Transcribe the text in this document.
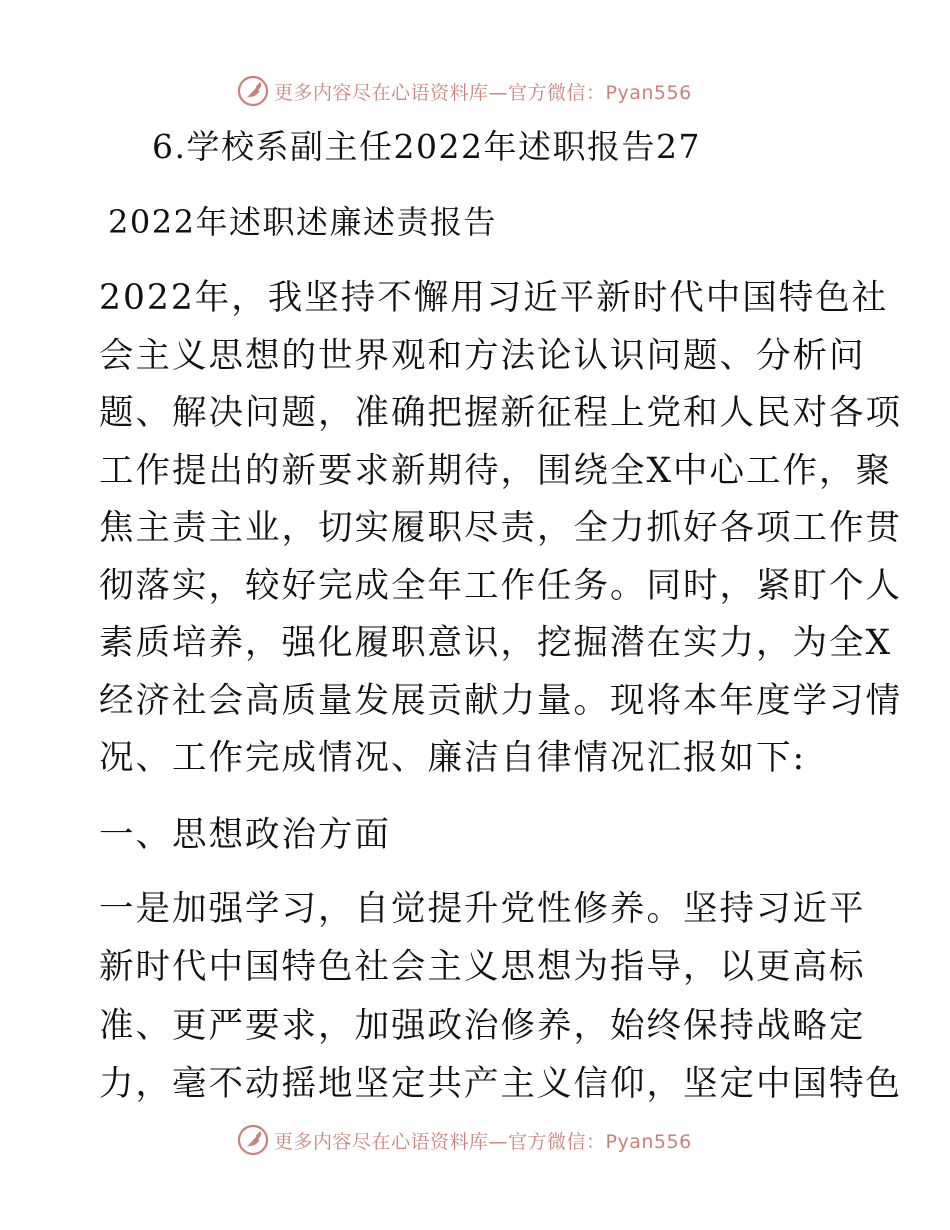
更多内容尽在心语资料库—官方微信：Pyan556
6.学校系副主任2022年述职报告27
2022年述职述廉述责报告
2022年，我坚持不懈用习近平新时代中国特色社
会主义思想的世界观和方法论认识问题、分析问
题、解决问题，准确把握新征程上党和人民对各项
工作提出的新要求新期待，围绕全X中心工作，聚
焦主责主业，切实履职尽责，全力抓好各项工作贯
彻落实，较好完成全年工作任务。同时，紧盯个人
素质培养，强化履职意识，挖掘潜在实力，为全X
经济社会高质量发展贡献力量。现将本年度学习情
况、工作完成情况、廉洁自律情况汇报如下:
一、思想政治方面
一是加强学习，自觉提升党性修养。坚持习近平
新时代中国特色社会主义思想为指导，以更高标
准、更严要求，加强政治修养，始终保持战略定
力，毫不动摇地坚定共产主义信仰，坚定中国特色
更多内容尽在心语资料库—官方微信：Pyan556
